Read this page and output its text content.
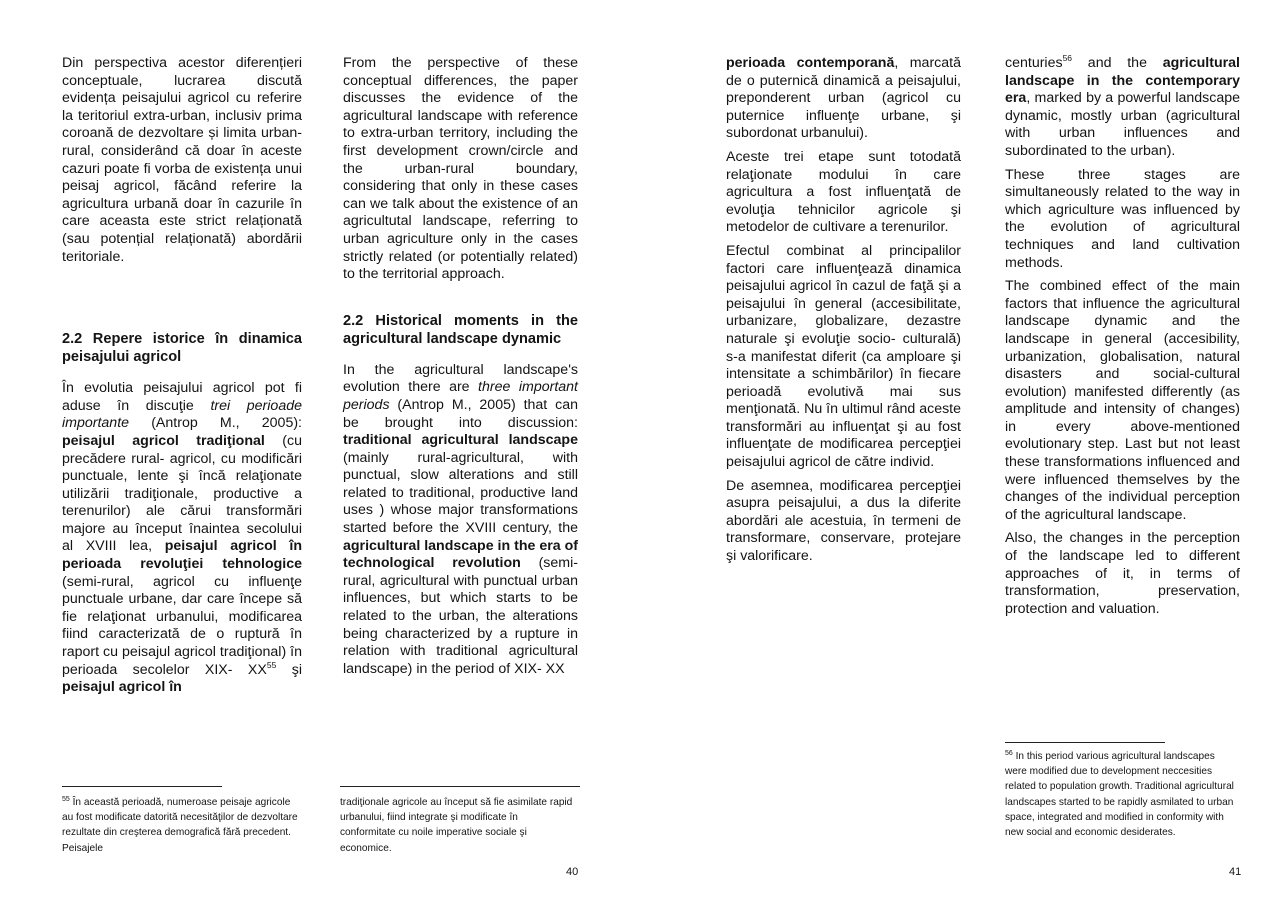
Din perspectiva acestor diferențieri conceptuale, lucrarea discută evidența peisajului agricol cu referire la teritoriul extra-urban, inclusiv prima coroană de dezvoltare și limita urban- rural, considerând că doar în aceste cazuri poate fi vorba de existența unui peisaj agricol, făcând referire la agricultura urbană doar în cazurile în care aceasta este strict relaționată (sau potențial relaționată) abordării teritoriale.

2.2 Repere istorice în dinamica peisajului agricol

În evolutia peisajului agricol pot fi aduse în discuţie trei perioade importante (Antrop M., 2005): peisajul agricol tradiţional (cu precădere rural- agricol, cu modificări punctuale, lente şi încă relaţionate utilizării tradiţionale, productive a terenurilor) ale cărui transformări majore au început înaintea secolului al XVIII lea, peisajul agricol în perioada revoluţiei tehnologice (semi-rural, agricol cu influenţe punctuale urbane, dar care începe să fie relaţionat urbanului, modificarea fiind caracterizată de o ruptură în raport cu peisajul agricol tradiţional) în perioada secolelor XIX- XX$^{55}$ şi peisajul agricol în

From the perspective of these conceptual differences, the paper discusses the evidence of the agricultural landscape with reference to extra-urban territory, including the first development crown/circle and the urban-rural boundary, considering that only in these cases can we talk about the existence of an agricultutal landscape, referring to urban agriculture only in the cases strictly related (or potentially related) to the territorial approach.

2.2 Historical moments in the agricultural landscape dynamic

In the agricultural landscape's evolution there are three important periods (Antrop M., 2005) that can be brought into discussion: traditional agricultural landscape (mainly rural-agricultural, with punctual, slow alterations and still related to traditional, productive land uses ) whose major transformations started before the XVIII century, the agricultural landscape in the era of technological revolution (semi-rural, agricultural with punctual urban influences, but which starts to be related to the urban, the alterations being characterized by a rupture in relation with traditional agricultural landscape) in the period of XIX- XX

$^{55}$ În această perioadă, numeroase peisaje agricole au fost modificate datorită necesităţilor de dezvoltare rezultate din creşterea demografică fără precedent. Peisajele
tradiţionale agricole au început să fie asimilate rapid urbanului, fiind integrate şi modificate în conformitate cu noile imperative sociale şi economice.
40

perioada contemporană, marcată de o puternică dinamică a peisajului, preponderent urban (agricol cu puternice influenţe urbane, şi subordonat urbanului).

Aceste trei etape sunt totodată relaţionate modului în care agricultura a fost influenţată de evoluţia tehnicilor agricole şi metodelor de cultivare a terenurilor.

Efectul combinat al principalilor factori care influenţează dinamica peisajului agricol în cazul de faţă şi a peisajului în general (accesibilitate, urbanizare, globalizare, dezastre naturale şi evoluţie socio- culturală) s-a manifestat diferit (ca amploare şi intensitate a schimbărilor) în fiecare perioadă evolutivă mai sus menţionată. Nu în ultimul rând aceste transformări au influenţat şi au fost influenţate de modificarea percepţiei peisajului agricol de către individ.

De asemnea, modificarea percepţiei asupra peisajului, a dus la diferite abordări ale acestuia, în termeni de transformare, conservare, protejare şi valorificare.

centuries$^{56}$ and the agricultural landscape in the contemporary era, marked by a powerful landscape dynamic, mostly urban (agricultural with urban influences and subordinated to the urban).

These three stages are simultaneously related to the way in which agriculture was influenced by the evolution of agricultural techniques and land cultivation methods.

The combined effect of the main factors that influence the agricultural landscape dynamic and the landscape in general (accesibility, urbanization, globalisation, natural disasters and social-cultural evolution) manifested differently (as amplitude and intensity of changes) in every above-mentioned evolutionary step. Last but not least these transformations influenced and were influenced themselves by the changes of the individual perception of the agricultural landscape.

Also, the changes in the perception of the landscape led to different approaches of it, in terms of transformation, preservation, protection and valuation.

$^{56}$ In this period various agricultural landscapes were modified due to development neccesities related to population growth. Traditional agricultural landscapes started to be rapidly asmilated to urban space, integrated and modified in conformity with new social and economic desiderates.
41
